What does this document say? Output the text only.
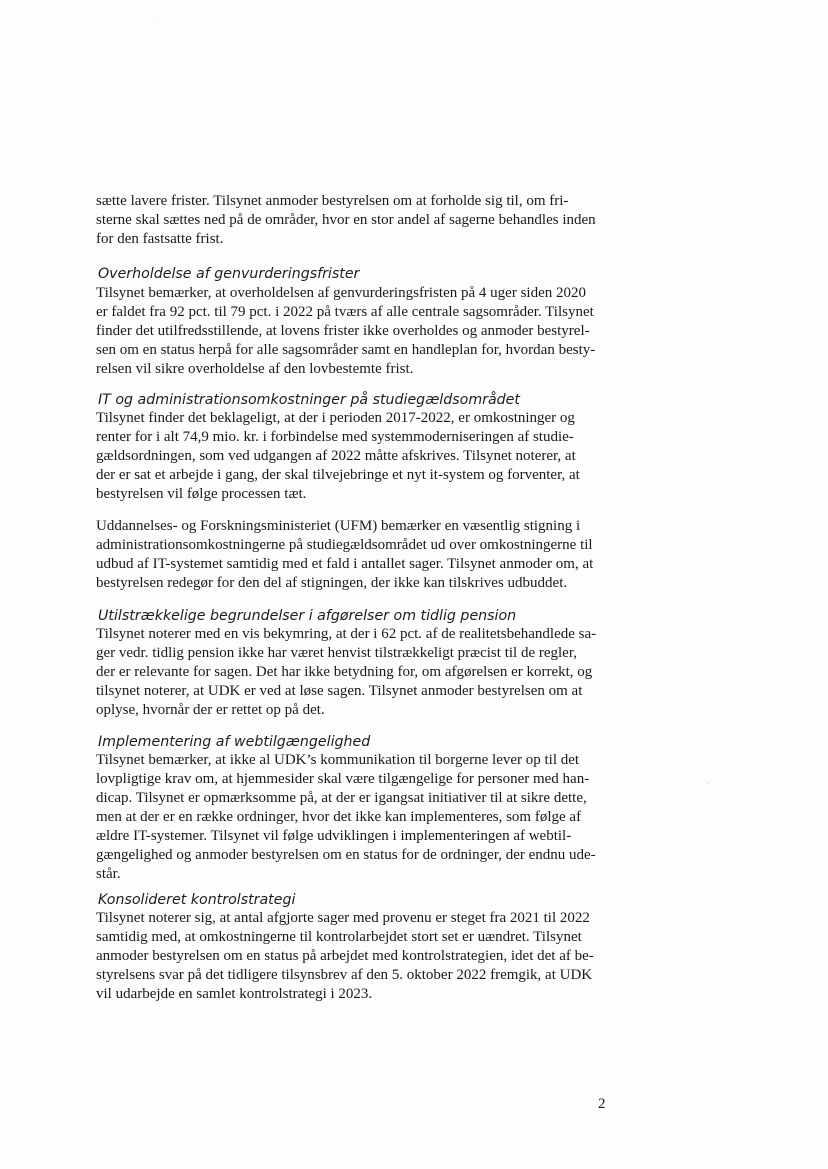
sætte lavere frister. Tilsynet anmoder bestyrelsen om at forholde sig til, om fri-
sterne skal sættes ned på de områder, hvor en stor andel af sagerne behandles inden
for den fastsatte frist.
Overholdelse af genvurderingsfrister
Tilsynet bemærker, at overholdelsen af genvurderingsfristen på 4 uger siden 2020
er faldet fra 92 pct. til 79 pct. i 2022 på tværs af alle centrale sagsområder. Tilsynet
finder det utilfredsstillende, at lovens frister ikke overholdes og anmoder bestyrel-
sen om en status herpå for alle sagsområder samt en handleplan for, hvordan besty-
relsen vil sikre overholdelse af den lovbestemte frist.
IT og administrationsomkostninger på studiegældsområdet
Tilsynet finder det beklageligt, at der i perioden 2017-2022, er omkostninger og
renter for i alt 74,9 mio. kr. i forbindelse med systemmoderniseringen af studie-
gældsordningen, som ved udgangen af 2022 måtte afskrives. Tilsynet noterer, at
der er sat et arbejde i gang, der skal tilvejebringe et nyt it-system og forventer, at
bestyrelsen vil følge processen tæt.
Uddannelses- og Forskningsministeriet (UFM) bemærker en væsentlig stigning i
administrationsomkostningerne på studiegældsområdet ud over omkostningerne til
udbud af IT-systemet samtidig med et fald i antallet sager. Tilsynet anmoder om, at
bestyrelsen redegør for den del af stigningen, der ikke kan tilskrives udbuddet.
Utilstrækkelige begrundelser i afgørelser om tidlig pension
Tilsynet noterer med en vis bekymring, at der i 62 pct. af de realitetsbehandlede sa-
ger vedr. tidlig pension ikke har været henvist tilstrækkeligt præcist til de regler,
der er relevante for sagen. Det har ikke betydning for, om afgørelsen er korrekt, og
tilsynet noterer, at UDK er ved at løse sagen. Tilsynet anmoder bestyrelsen om at
oplyse, hvornår der er rettet op på det.
Implementering af webtilgængelighed
Tilsynet bemærker, at ikke al UDK’s kommunikation til borgerne lever op til det
lovpligtige krav om, at hjemmesider skal være tilgængelige for personer med han-
dicap. Tilsynet er opmærksomme på, at der er igangsat initiativer til at sikre dette,
men at der er en række ordninger, hvor det ikke kan implementeres, som følge af
ældre IT-systemer. Tilsynet vil følge udviklingen i implementeringen af webtil-
gængelighed og anmoder bestyrelsen om en status for de ordninger, der endnu ude-
står.
Konsolideret kontrolstrategi
Tilsynet noterer sig, at antal afgjorte sager med provenu er steget fra 2021 til 2022
samtidig med, at omkostningerne til kontrolarbejdet stort set er uændret. Tilsynet
anmoder bestyrelsen om en status på arbejdet med kontrolstrategien, idet det af be-
styrelsens svar på det tidligere tilsynsbrev af den 5. oktober 2022 fremgik, at UDK
vil udarbejde en samlet kontrolstrategi i 2023.
2
